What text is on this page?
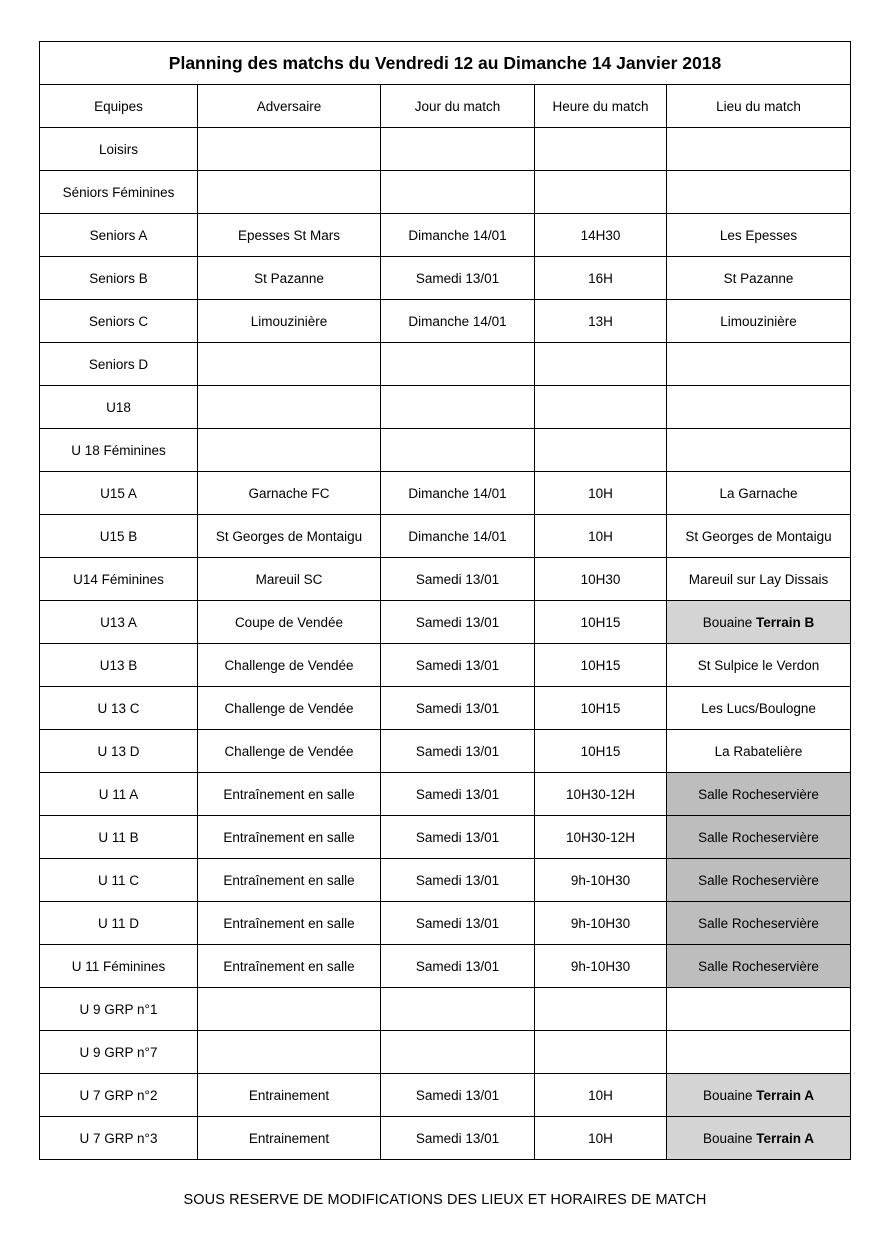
Planning des matchs du Vendredi 12 au Dimanche 14 Janvier 2018				
Equipes	Adversaire	Jour du match	Heure du match	Lieu du match
Loisirs				
Séniors Féminines				
Seniors A	Epesses St Mars	Dimanche 14/01	14H30	Les Epesses
Seniors B	St Pazanne	Samedi 13/01	16H	St Pazanne
Seniors C	Limouzinière	Dimanche 14/01	13H	Limouzinière
Seniors D				
U18				
U 18 Féminines				
U15 A	Garnache FC	Dimanche 14/01	10H	La Garnache
U15 B	St Georges de Montaigu	Dimanche 14/01	10H	St Georges de Montaigu
U14 Féminines	Mareuil SC	Samedi 13/01	10H30	Mareuil sur Lay Dissais
U13 A	Coupe de Vendée	Samedi 13/01	10H15	Bouaine Terrain B
U13 B	Challenge de Vendée	Samedi 13/01	10H15	St Sulpice le Verdon
U 13 C	Challenge de Vendée	Samedi 13/01	10H15	Les Lucs/Boulogne
U 13 D	Challenge de Vendée	Samedi 13/01	10H15	La Rabatelière
U 11 A	Entraînement en salle	Samedi 13/01	10H30-12H	Salle Rocheservière
U 11 B	Entraînement en salle	Samedi 13/01	10H30-12H	Salle Rocheservière
U 11 C	Entraînement en salle	Samedi 13/01	9h-10H30	Salle Rocheservière
U 11 D	Entraînement en salle	Samedi 13/01	9h-10H30	Salle Rocheservière
U 11 Féminines	Entraînement en salle	Samedi 13/01	9h-10H30	Salle Rocheservière
U 9 GRP n°1				
U 9 GRP n°7				
U 7 GRP n°2	Entrainement	Samedi 13/01	10H	Bouaine Terrain A
U 7 GRP n°3	Entrainement	Samedi 13/01	10H	Bouaine Terrain A
SOUS RESERVE DE MODIFICATIONS DES LIEUX ET HORAIRES DE MATCH
